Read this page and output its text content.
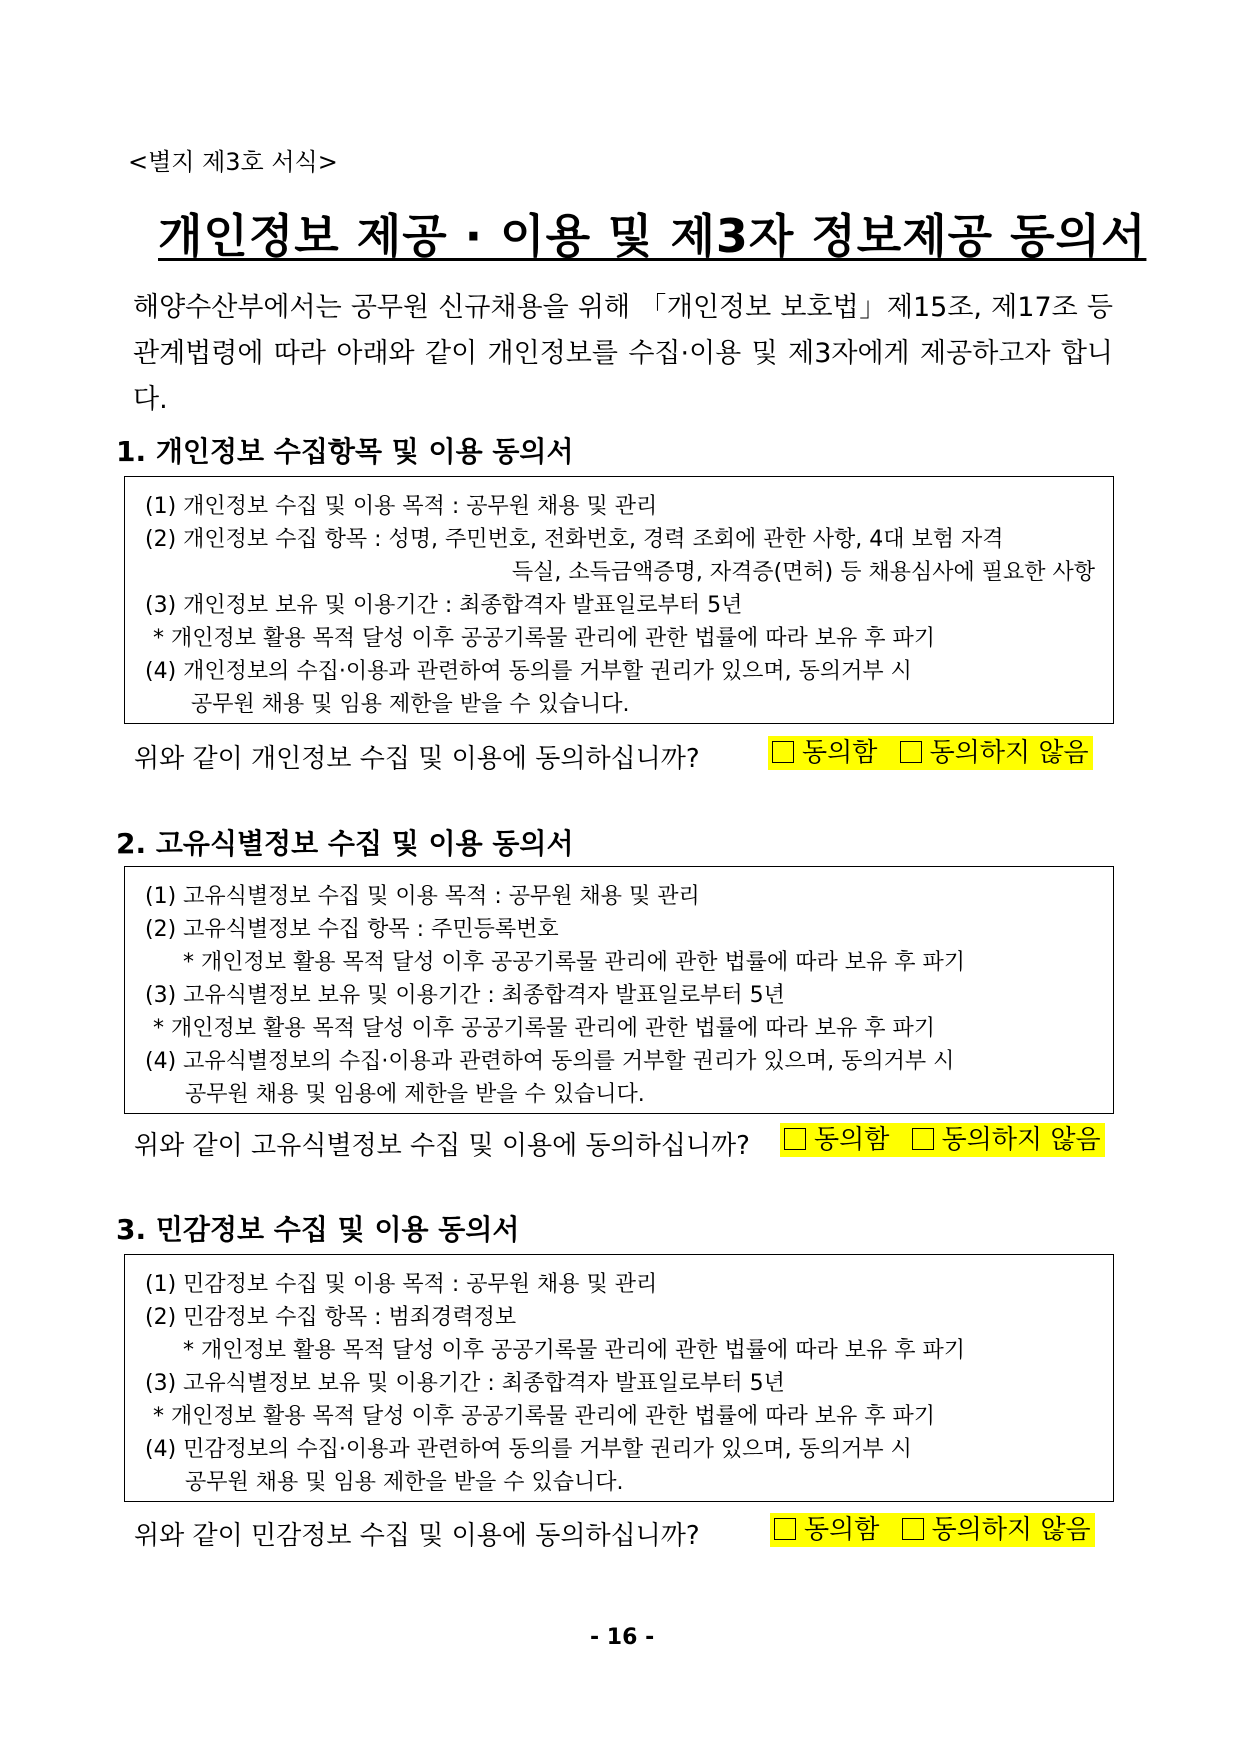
<별지 제3호 서식>
개인정보 제공 · 이용 및 제3자 정보제공 동의서
해양수산부에서는 공무원 신규채용을 위해 「개인정보 보호법」제15조, 제17조 등 관계법령에 따라 아래와 같이 개인정보를 수집·이용 및 제3자에게 제공하고자 합니다.
1. 개인정보 수집항목 및 이용 동의서
(1) 개인정보 수집 및 이용 목적 : 공무원 채용 및 관리
(2) 개인정보 수집 항목 : 성명, 주민번호, 전화번호, 경력 조회에 관한 사항, 4대 보험 자격
득실, 소득금액증명, 자격증(면허) 등 채용심사에 필요한 사항
(3) 개인정보 보유 및 이용기간 : 최종합격자 발표일로부터 5년
* 개인정보 활용 목적 달성 이후 공공기록물 관리에 관한 법률에 따라 보유 후 파기
(4) 개인정보의 수집·이용과 관련하여 동의를 거부할 권리가 있으며, 동의거부 시
공무원 채용 및 임용 제한을 받을 수 있습니다.
위와 같이 개인정보 수집 및 이용에 동의하십니까?	동의함 동의하지 않음
2. 고유식별정보 수집 및 이용 동의서
(1) 고유식별정보 수집 및 이용 목적 : 공무원 채용 및 관리
(2) 고유식별정보 수집 항목 : 주민등록번호
* 개인정보 활용 목적 달성 이후 공공기록물 관리에 관한 법률에 따라 보유 후 파기
(3) 고유식별정보 보유 및 이용기간 : 최종합격자 발표일로부터 5년
* 개인정보 활용 목적 달성 이후 공공기록물 관리에 관한 법률에 따라 보유 후 파기
(4) 고유식별정보의 수집·이용과 관련하여 동의를 거부할 권리가 있으며, 동의거부 시
공무원 채용 및 임용에 제한을 받을 수 있습니다.
위와 같이 고유식별정보 수집 및 이용에 동의하십니까?	동의함 동의하지 않음
3. 민감정보 수집 및 이용 동의서
(1) 민감정보 수집 및 이용 목적 : 공무원 채용 및 관리
(2) 민감정보 수집 항목 : 범죄경력정보
* 개인정보 활용 목적 달성 이후 공공기록물 관리에 관한 법률에 따라 보유 후 파기
(3) 고유식별정보 보유 및 이용기간 : 최종합격자 발표일로부터 5년
* 개인정보 활용 목적 달성 이후 공공기록물 관리에 관한 법률에 따라 보유 후 파기
(4) 민감정보의 수집·이용과 관련하여 동의를 거부할 권리가 있으며, 동의거부 시
공무원 채용 및 임용 제한을 받을 수 있습니다.
위와 같이 민감정보 수집 및 이용에 동의하십니까?	동의함 동의하지 않음
- 16 -
